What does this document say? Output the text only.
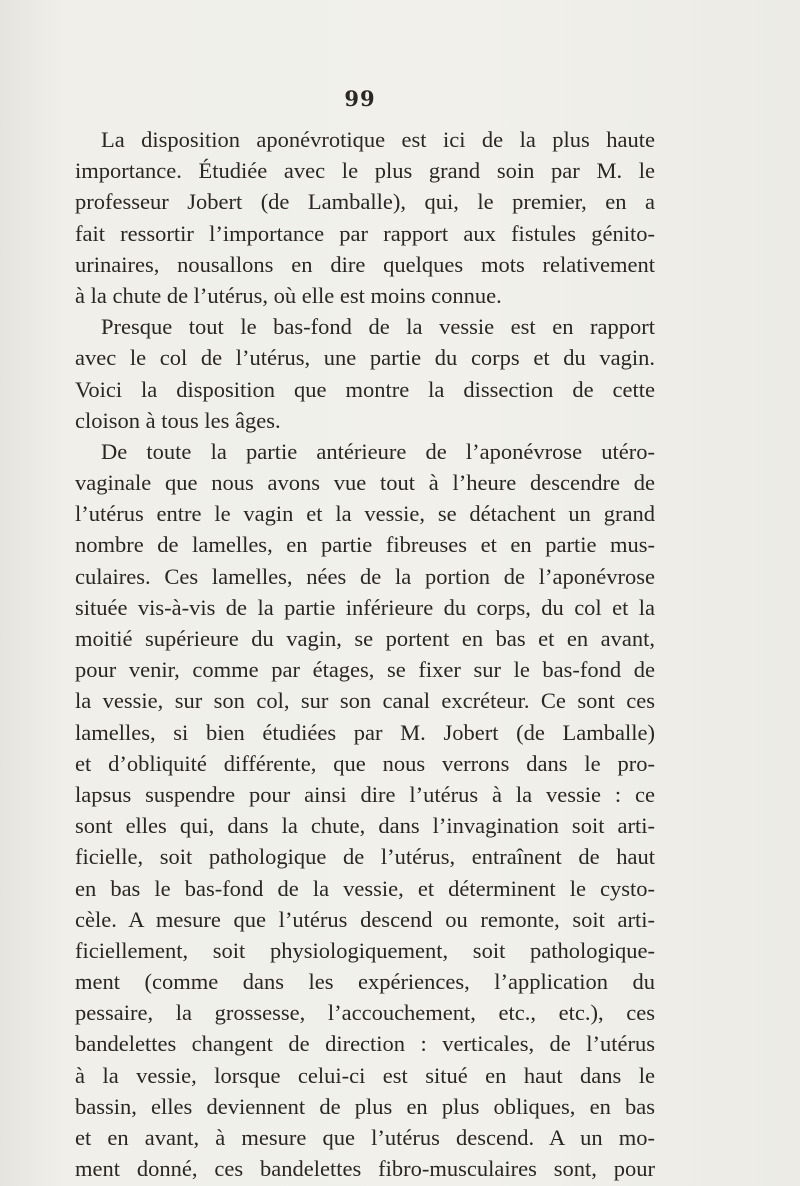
99
La disposition aponévrotique est ici de la plus haute
importance. Étudiée avec le plus grand soin par M. le
professeur Jobert (de Lamballe), qui, le premier, en a
fait ressortir l’importance par rapport aux fistules génito-
urinaires, nousallons en dire quelques mots relativement
à la chute de l’utérus, où elle est moins connue.
Presque tout le bas-fond de la vessie est en rapport
avec le col de l’utérus, une partie du corps et du vagin.
Voici la disposition que montre la dissection de cette
cloison à tous les âges.
De toute la partie antérieure de l’aponévrose utéro-
vaginale que nous avons vue tout à l’heure descendre de
l’utérus entre le vagin et la vessie, se détachent un grand
nombre de lamelles, en partie fibreuses et en partie mus-
culaires. Ces lamelles, nées de la portion de l’aponévrose
située vis-à-vis de la partie inférieure du corps, du col et la
moitié supérieure du vagin, se portent en bas et en avant,
pour venir, comme par étages, se fixer sur le bas-fond de
la vessie, sur son col, sur son canal excréteur. Ce sont ces
lamelles, si bien étudiées par M. Jobert (de Lamballe)
et d’obliquité différente, que nous verrons dans le pro-
lapsus suspendre pour ainsi dire l’utérus à la vessie : ce
sont elles qui, dans la chute, dans l’invagination soit arti-
ficielle, soit pathologique de l’utérus, entraînent de haut
en bas le bas-fond de la vessie, et déterminent le cysto-
cèle. A mesure que l’utérus descend ou remonte, soit arti-
ficiellement, soit physiologiquement, soit pathologique-
ment (comme dans les expériences, l’application du
pessaire, la grossesse, l’accouchement, etc., etc.), ces
bandelettes changent de direction : verticales, de l’utérus
à la vessie, lorsque celui-ci est situé en haut dans le
bassin, elles deviennent de plus en plus obliques, en bas
et en avant, à mesure que l’utérus descend. A un mo-
ment donné, ces bandelettes fibro-musculaires sont, pour
